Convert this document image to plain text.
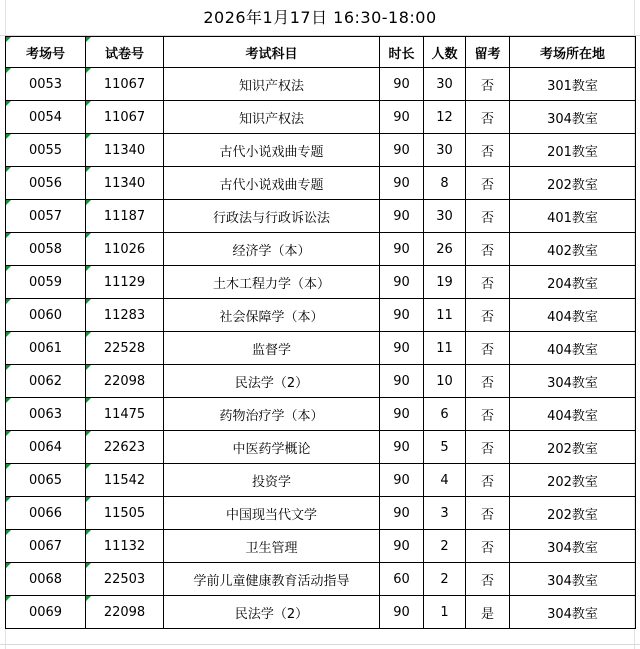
2026年1月17日 16:30-18:00
考场号	试卷号	考试科目	时长	人数	留考	考场所在地
0053	11067	知识产权法	90	30	否	301教室
0054	11067	知识产权法	90	12	否	304教室
0055	11340	古代小说戏曲专题	90	30	否	201教室
0056	11340	古代小说戏曲专题	90	8	否	202教室
0057	11187	行政法与行政诉讼法	90	30	否	401教室
0058	11026	经济学（本）	90	26	否	402教室
0059	11129	土木工程力学（本）	90	19	否	204教室
0060	11283	社会保障学（本）	90	11	否	404教室
0061	22528	监督学	90	11	否	404教室
0062	22098	民法学（2）	90	10	否	304教室
0063	11475	药物治疗学（本）	90	6	否	404教室
0064	22623	中医药学概论	90	5	否	202教室
0065	11542	投资学	90	4	否	202教室
0066	11505	中国现当代文学	90	3	否	202教室
0067	11132	卫生管理	90	2	否	304教室
0068	22503	学前儿童健康教育活动指导	60	2	否	304教室
0069	22098	民法学（2）	90	1	是	304教室
